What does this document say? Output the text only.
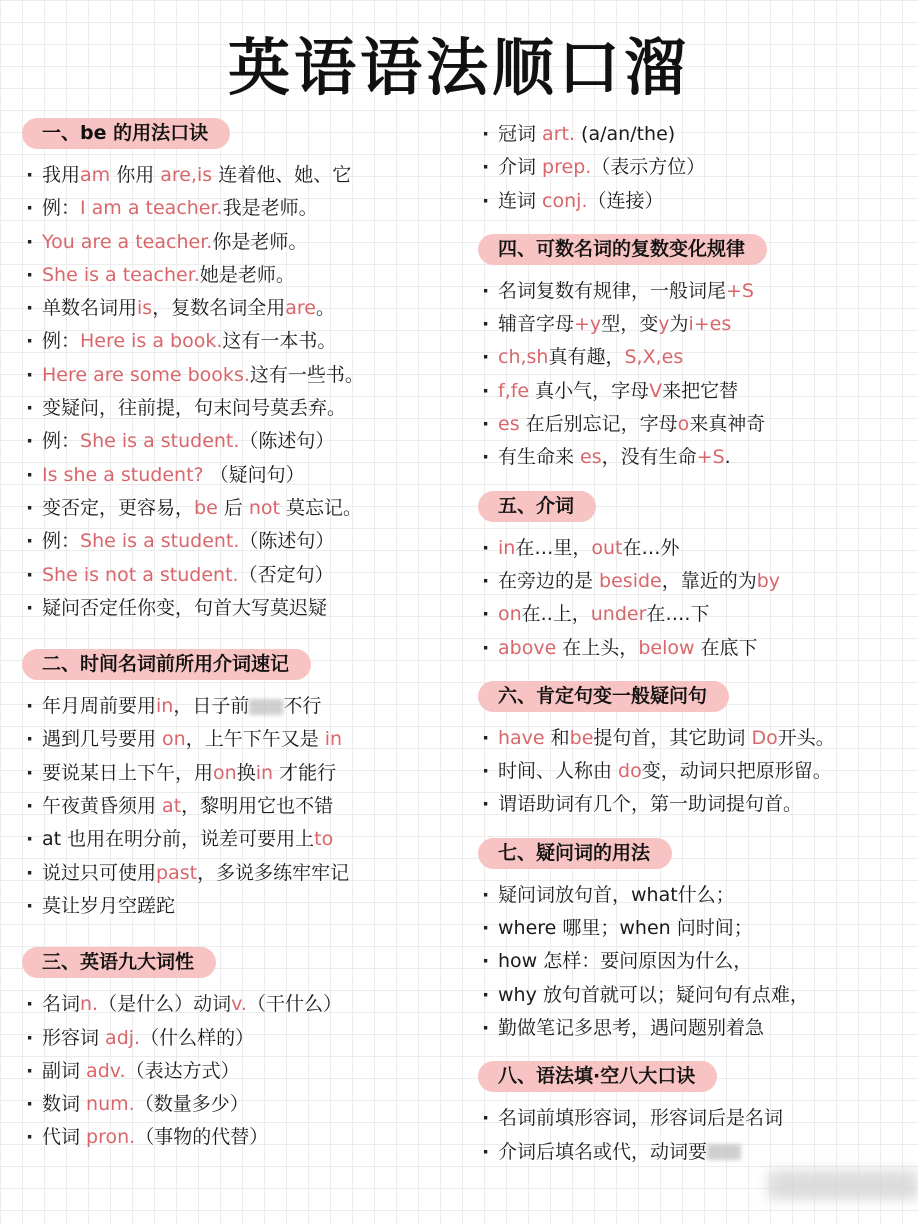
英语语法顺口溜
一、be 的用法口诀
· 我用am 你用 are,is 连着他、她、它
· 例：I am a teacher.我是老师。
· You are a teacher.你是老师。
· She is a teacher.她是老师。
· 单数名词用is，复数名词全用are。
· 例：Here is a book.这有一本书。
· Here are some books.这有一些书。
· 变疑问，往前提，句末问号莫丢弃。
· 例：She is a student.（陈述句）
· Is she a student? （疑问句）
· 变否定，更容易，be 后 not 莫忘记。
· 例：She is a student.（陈述句）
· She is not a student.（否定句）
· 疑问否定任你变，句首大写莫迟疑
二、时间名词前所用介词速记
· 年月周前要用in，日子前 不行
· 遇到几号要用 on，上午下午又是 in
· 要说某日上下午，用on换in 才能行
· 午夜黄昏须用 at，黎明用它也不错
· at 也用在明分前，说差可要用上to
· 说过只可使用past，多说多练牢牢记
· 莫让岁月空蹉跎
三、英语九大词性
· 名词n.（是什么）动词v.（干什么）
· 形容词 adj.（什么样的）
· 副词 adv.（表达方式）
· 数词 num.（数量多少）
· 代词 pron.（事物的代替）
· 冠词 art. (a/an/the)
· 介词 prep.（表示方位）
· 连词 conj.（连接）
四、可数名词的复数变化规律
· 名词复数有规律，一般词尾+S
· 辅音字母+y型，变y为i+es
· ch,sh真有趣，S,X,es
· f,fe 真小气，字母V来把它替
· es 在后别忘记，字母o来真神奇
· 有生命来 es，没有生命+S.
五、介词
· in在…里，out在…外
· 在旁边的是 beside，靠近的为by
· on在..上，under在….下
· above 在上头，below 在底下
六、肯定句变一般疑问句
· have 和be提句首，其它助词 Do开头。
· 时间、人称由 do变，动词只把原形留。
· 谓语助词有几个，第一助词提句首。
七、疑问词的用法
· 疑问词放句首，what什么；
· where 哪里；when 问时间；
· how 怎样：要问原因为什么，
· why 放句首就可以；疑问句有点难，
· 勤做笔记多思考，遇问题别着急
八、语法填·空八大口诀
· 名词前填形容词，形容词后是名词
· 介词后填名或代，动词要
